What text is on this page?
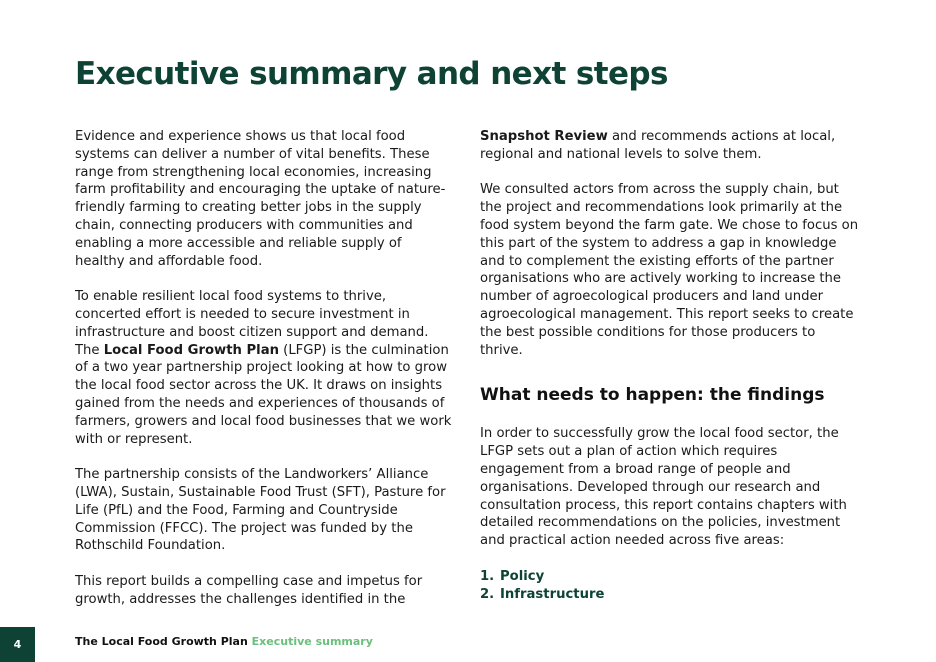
Executive summary and next steps

Evidence and experience shows us that local food systems can deliver a number of vital benefits. These range from strengthening local economies, increasing farm profitability and encouraging the uptake of nature-friendly farming to creating better jobs in the supply chain, connecting producers with communities and enabling a more accessible and reliable supply of healthy and affordable food.

To enable resilient local food systems to thrive, concerted effort is needed to secure investment in infrastructure and boost citizen support and demand. The Local Food Growth Plan (LFGP) is the culmination of a two year partnership project looking at how to grow the local food sector across the UK. It draws on insights gained from the needs and experiences of thousands of farmers, growers and local food businesses that we work with or represent.

The partnership consists of the Landworkers’ Alliance (LWA), Sustain, Sustainable Food Trust (SFT), Pasture for Life (PfL) and the Food, Farming and Countryside Commission (FFCC). The project was funded by the Rothschild Foundation.

This report builds a compelling case and impetus for growth, addresses the challenges identified in the

Snapshot Review and recommends actions at local, regional and national levels to solve them.

We consulted actors from across the supply chain, but the project and recommendations look primarily at the food system beyond the farm gate. We chose to focus on this part of the system to address a gap in knowledge and to complement the existing efforts of the partner organisations who are actively working to increase the number of agroecological producers and land under agroecological management. This report seeks to create the best possible conditions for those producers to thrive.

What needs to happen: the findings

In order to successfully grow the local food sector, the LFGP sets out a plan of action which requires engagement from a broad range of people and organisations. Developed through our research and consultation process, this report contains chapters with detailed recommendations on the policies, investment and practical action needed across five areas:

1. Policy
2. Infrastructure
4	The Local Food Growth Plan Executive summary
